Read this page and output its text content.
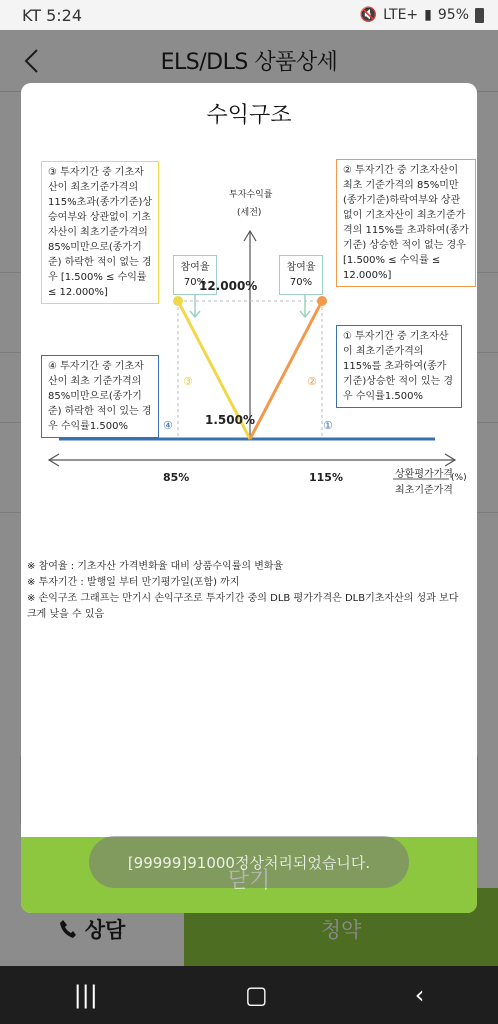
KT 5:24	🔇 LTE+ ▮ 95%
ELS/DLS 상품상세
상담	청약
|||	▢	‹
수익구조
③ 투자기간 중 기초자산이 최초기준가격의 115%초과(종가기준)상승여부와 상관없이 기초자산이 최초기준가격의 85%미만으로(종가기준) 하락한 적이 없는 경우 [1.500% ≤ 수익률 ≤ 12.000%]
② 투자기간 중 기초자산이 최초 기준가격의 85%미만(종가기준)하락여부와 상관없이 기초자산이 최초기준가격의 115%를 초과하여(종가기준) 상승한 적이 없는 경우 [1.500% ≤ 수익률 ≤ 12.000%]
④ 투자기간 중 기초자산이 최초 기준가격의 85%미만으로(종가기준) 하락한 적이 있는 경우 수익률1.500%
① 투자기간 중 기초자산이 최초기준가격의 115%를 초과하여(종가기준)상승한 적이 있는 경우 수익률1.500%
투자수익률
(세전)
참여율
70%
참여율
70%
12.000%
1.500%
③	②
④	①
85%	115%	상환평가가격
최초기준가격
(%)
※ 참여율 : 기초자산 가격변화율 대비 상품수익률의 변화율
※ 투자기간 : 발행일 부터 만기평가일(포함) 까지
※ 손익구조 그래프는 만기시 손익구조로 투자기간 중의 DLB 평가가격은 DLB기초자산의 성과 보다 크게 낮을 수 있음
[99999]91000정상처리되었습니다.
